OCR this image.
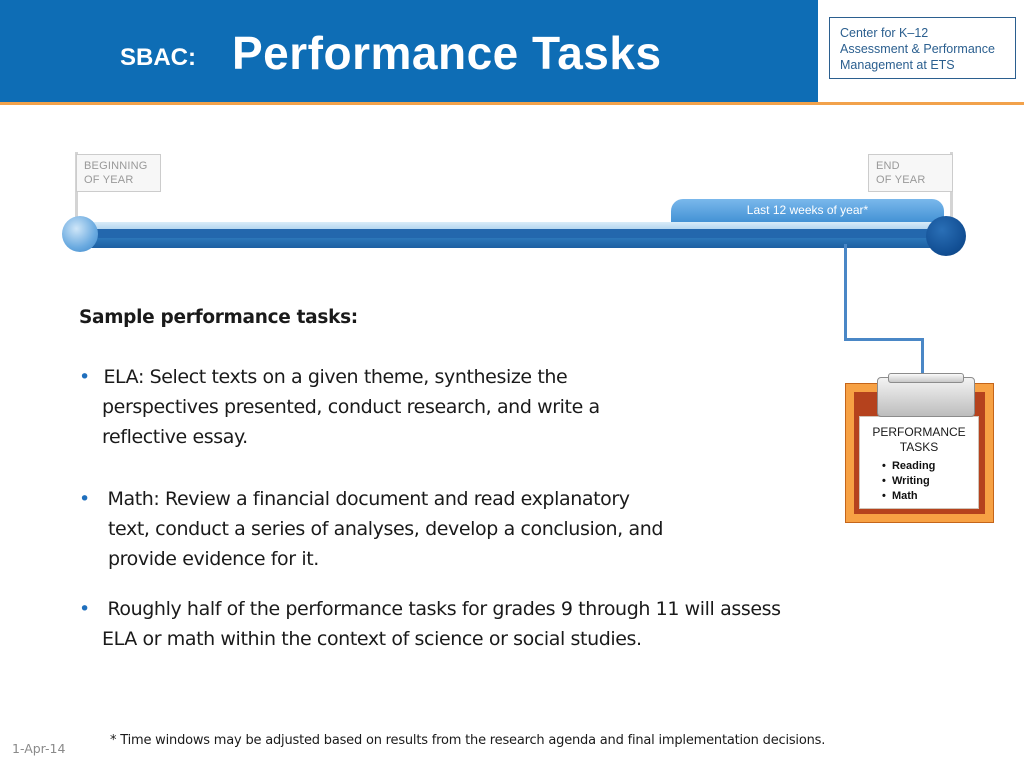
SBAC: Performance Tasks	Center for K–12
Assessment & Performance
Management at ETS
BEGINNING
OF YEAR
END
OF YEAR
Last 12 weeks of year*
PERFORMANCE
TASKS
• Reading
• Writing
• Math
Sample performance tasks:
• ELA: Select texts on a given theme, synthesize the
perspectives presented, conduct research, and write a
reflective essay.
• Math: Review a financial document and read explanatory
text, conduct a series of analyses, develop a conclusion, and
provide evidence for it.
• Roughly half of the performance tasks for grades 9 through 11 will assess
ELA or math within the context of science or social studies.
* Time windows may be adjusted based on results from the research agenda and final implementation decisions.
1-Apr-14
